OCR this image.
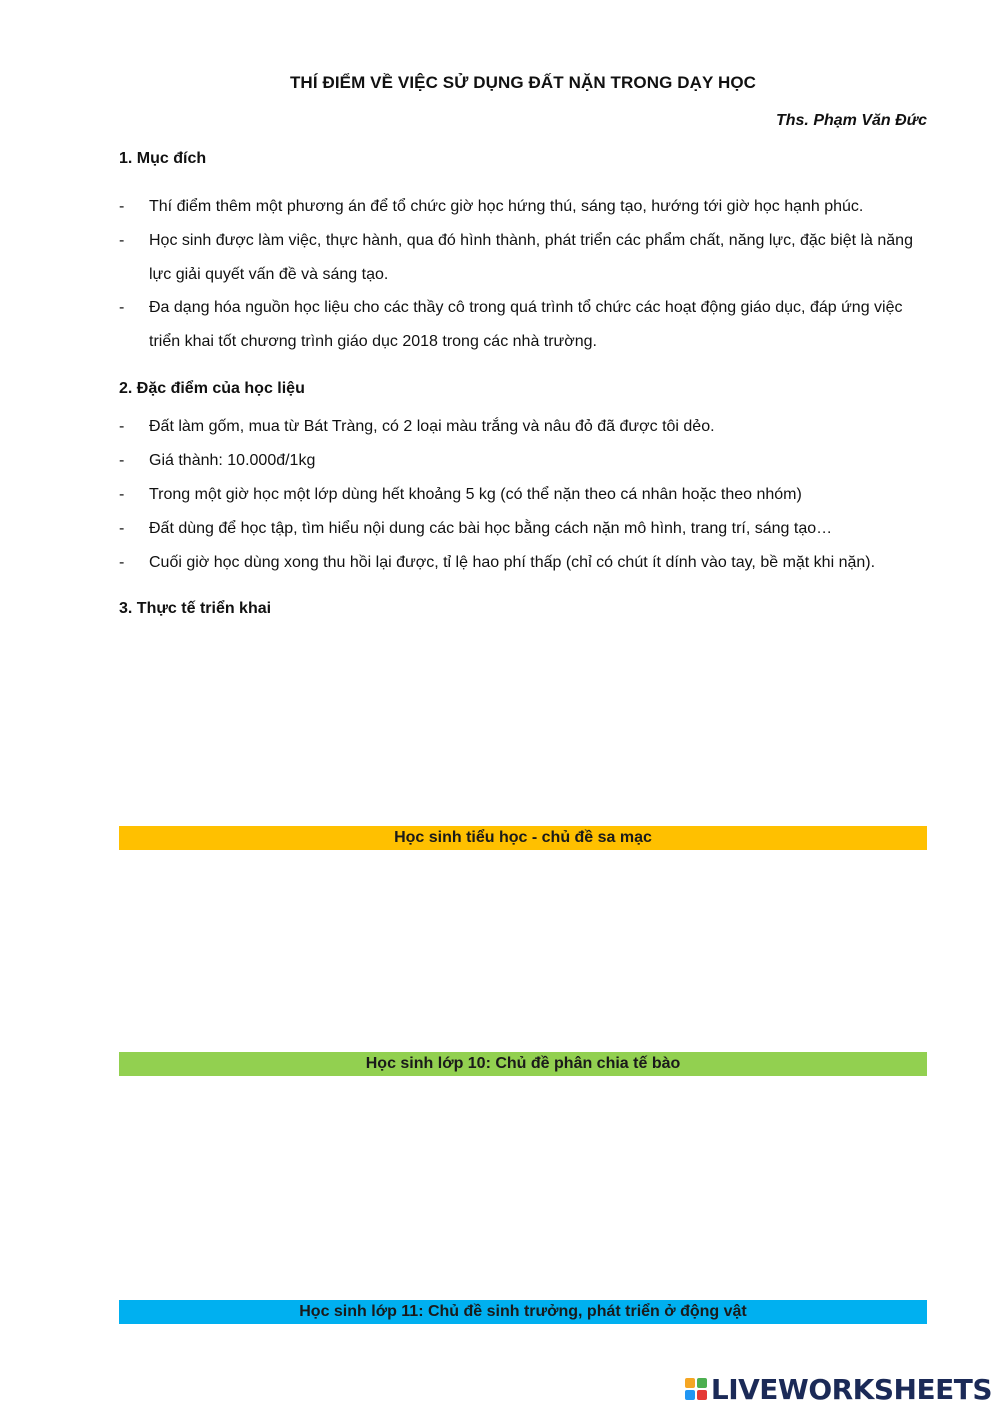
THÍ ĐIỂM VỀ VIỆC SỬ DỤNG ĐẤT NẶN TRONG DẠY HỌC
Ths. Phạm Văn Đức
1. Mục đích
- Thí điểm thêm một phương án để tổ chức giờ học hứng thú, sáng tạo, hướng tới giờ học hạnh phúc.
- Học sinh được làm việc, thực hành, qua đó hình thành, phát triển các phẩm chất, năng lực, đặc biệt là năng lực giải quyết vấn đề và sáng tạo.
- Đa dạng hóa nguồn học liệu cho các thầy cô trong quá trình tổ chức các hoạt động giáo dục, đáp ứng việc triển khai tốt chương trình giáo dục 2018 trong các nhà trường.
2. Đặc điểm của học liệu
- Đất làm gốm, mua từ Bát Tràng, có 2 loại màu trắng và nâu đỏ đã được tôi dẻo.
- Giá thành: 10.000đ/1kg
- Trong một giờ học một lớp dùng hết khoảng 5 kg (có thể nặn theo cá nhân hoặc theo nhóm)
- Đất dùng để học tập, tìm hiểu nội dung các bài học bằng cách nặn mô hình, trang trí, sáng tạo…
- Cuối giờ học dùng xong thu hồi lại được, tỉ lệ hao phí thấp (chỉ có chút ít dính vào tay, bề mặt khi nặn).
3. Thực tế triển khai
Học sinh tiểu học - chủ đề sa mạc
Học sinh lớp 10: Chủ đề phân chia tế bào
Học sinh lớp 11: Chủ đề sinh trưởng, phát triển ở động vật
LIVEWORKSHEETS
